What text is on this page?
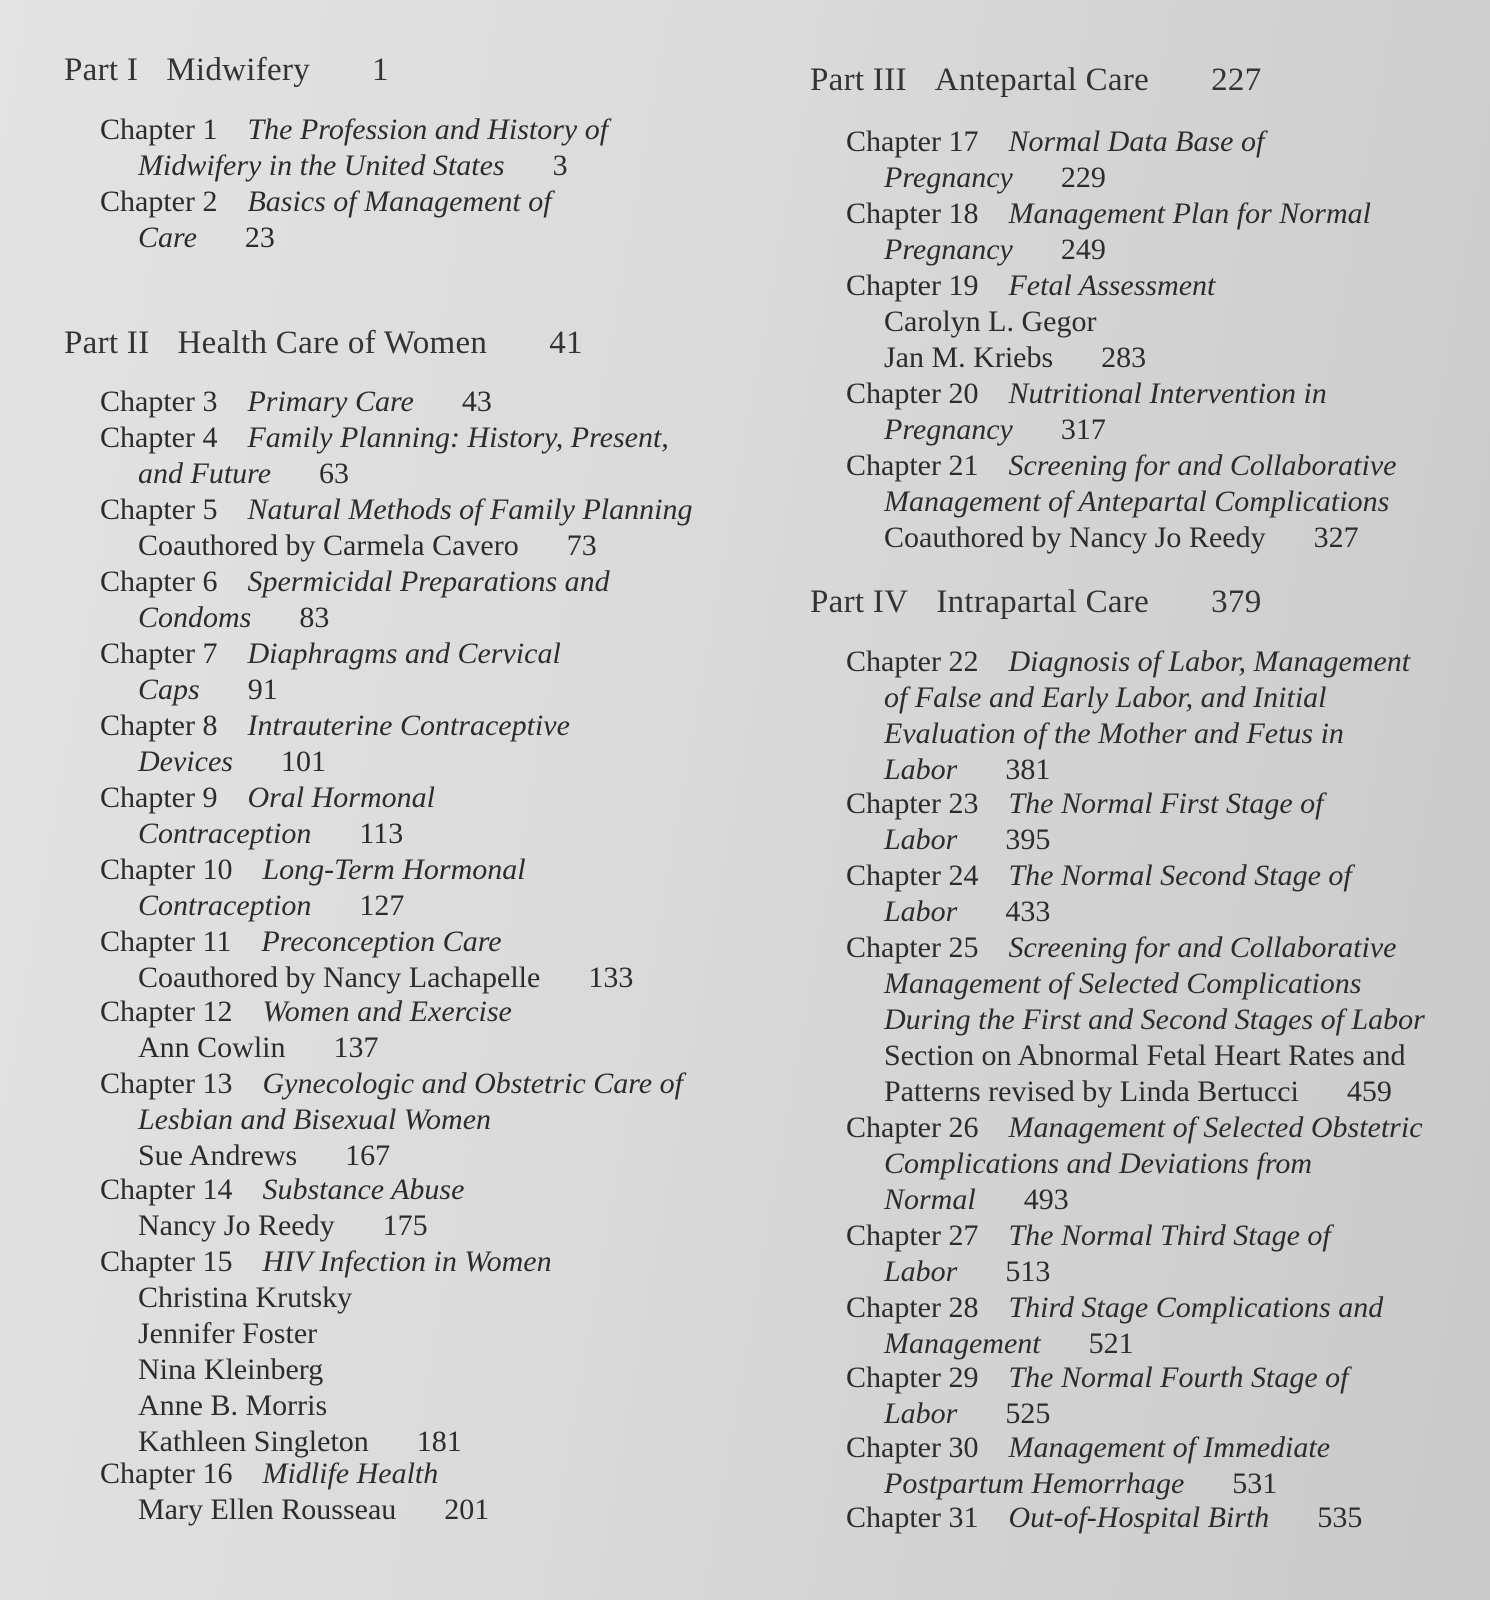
Part I Midwifery 1
Part II Health Care of Women 41
Chapter 1 The Profession and History of
Midwifery in the United States 3
Chapter 2 Basics of Management of
Care 23
Chapter 3 Primary Care 43
Chapter 4 Family Planning: History, Present,
and Future 63
Chapter 5 Natural Methods of Family Planning
Coauthored by Carmela Cavero 73
Chapter 6 Spermicidal Preparations and
Condoms 83
Chapter 7 Diaphragms and Cervical
Caps 91
Chapter 8 Intrauterine Contraceptive
Devices 101
Chapter 9 Oral Hormonal
Contraception 113
Chapter 10 Long-Term Hormonal
Contraception 127
Chapter 11 Preconception Care
Coauthored by Nancy Lachapelle 133
Chapter 12 Women and Exercise
Ann Cowlin 137
Chapter 13 Gynecologic and Obstetric Care of
Lesbian and Bisexual Women
Sue Andrews 167
Chapter 14 Substance Abuse
Nancy Jo Reedy 175
Chapter 15 HIV Infection in Women
Christina Krutsky
Jennifer Foster
Nina Kleinberg
Anne B. Morris
Kathleen Singleton 181
Chapter 16 Midlife Health
Mary Ellen Rousseau 201
Part III Antepartal Care 227
Part IV Intrapartal Care 379
Chapter 17 Normal Data Base of
Pregnancy 229
Chapter 18 Management Plan for Normal
Pregnancy 249
Chapter 19 Fetal Assessment
Carolyn L. Gegor
Jan M. Kriebs 283
Chapter 20 Nutritional Intervention in
Pregnancy 317
Chapter 21 Screening for and Collaborative
Management of Antepartal Complications
Coauthored by Nancy Jo Reedy 327
Chapter 22 Diagnosis of Labor, Management
of False and Early Labor, and Initial
Evaluation of the Mother and Fetus in
Labor 381
Chapter 23 The Normal First Stage of
Labor 395
Chapter 24 The Normal Second Stage of
Labor 433
Chapter 25 Screening for and Collaborative
Management of Selected Complications
During the First and Second Stages of Labor
Section on Abnormal Fetal Heart Rates and
Patterns revised by Linda Bertucci 459
Chapter 26 Management of Selected Obstetric
Complications and Deviations from
Normal 493
Chapter 27 The Normal Third Stage of
Labor 513
Chapter 28 Third Stage Complications and
Management 521
Chapter 29 The Normal Fourth Stage of
Labor 525
Chapter 30 Management of Immediate
Postpartum Hemorrhage 531
Chapter 31 Out-of-Hospital Birth 535
